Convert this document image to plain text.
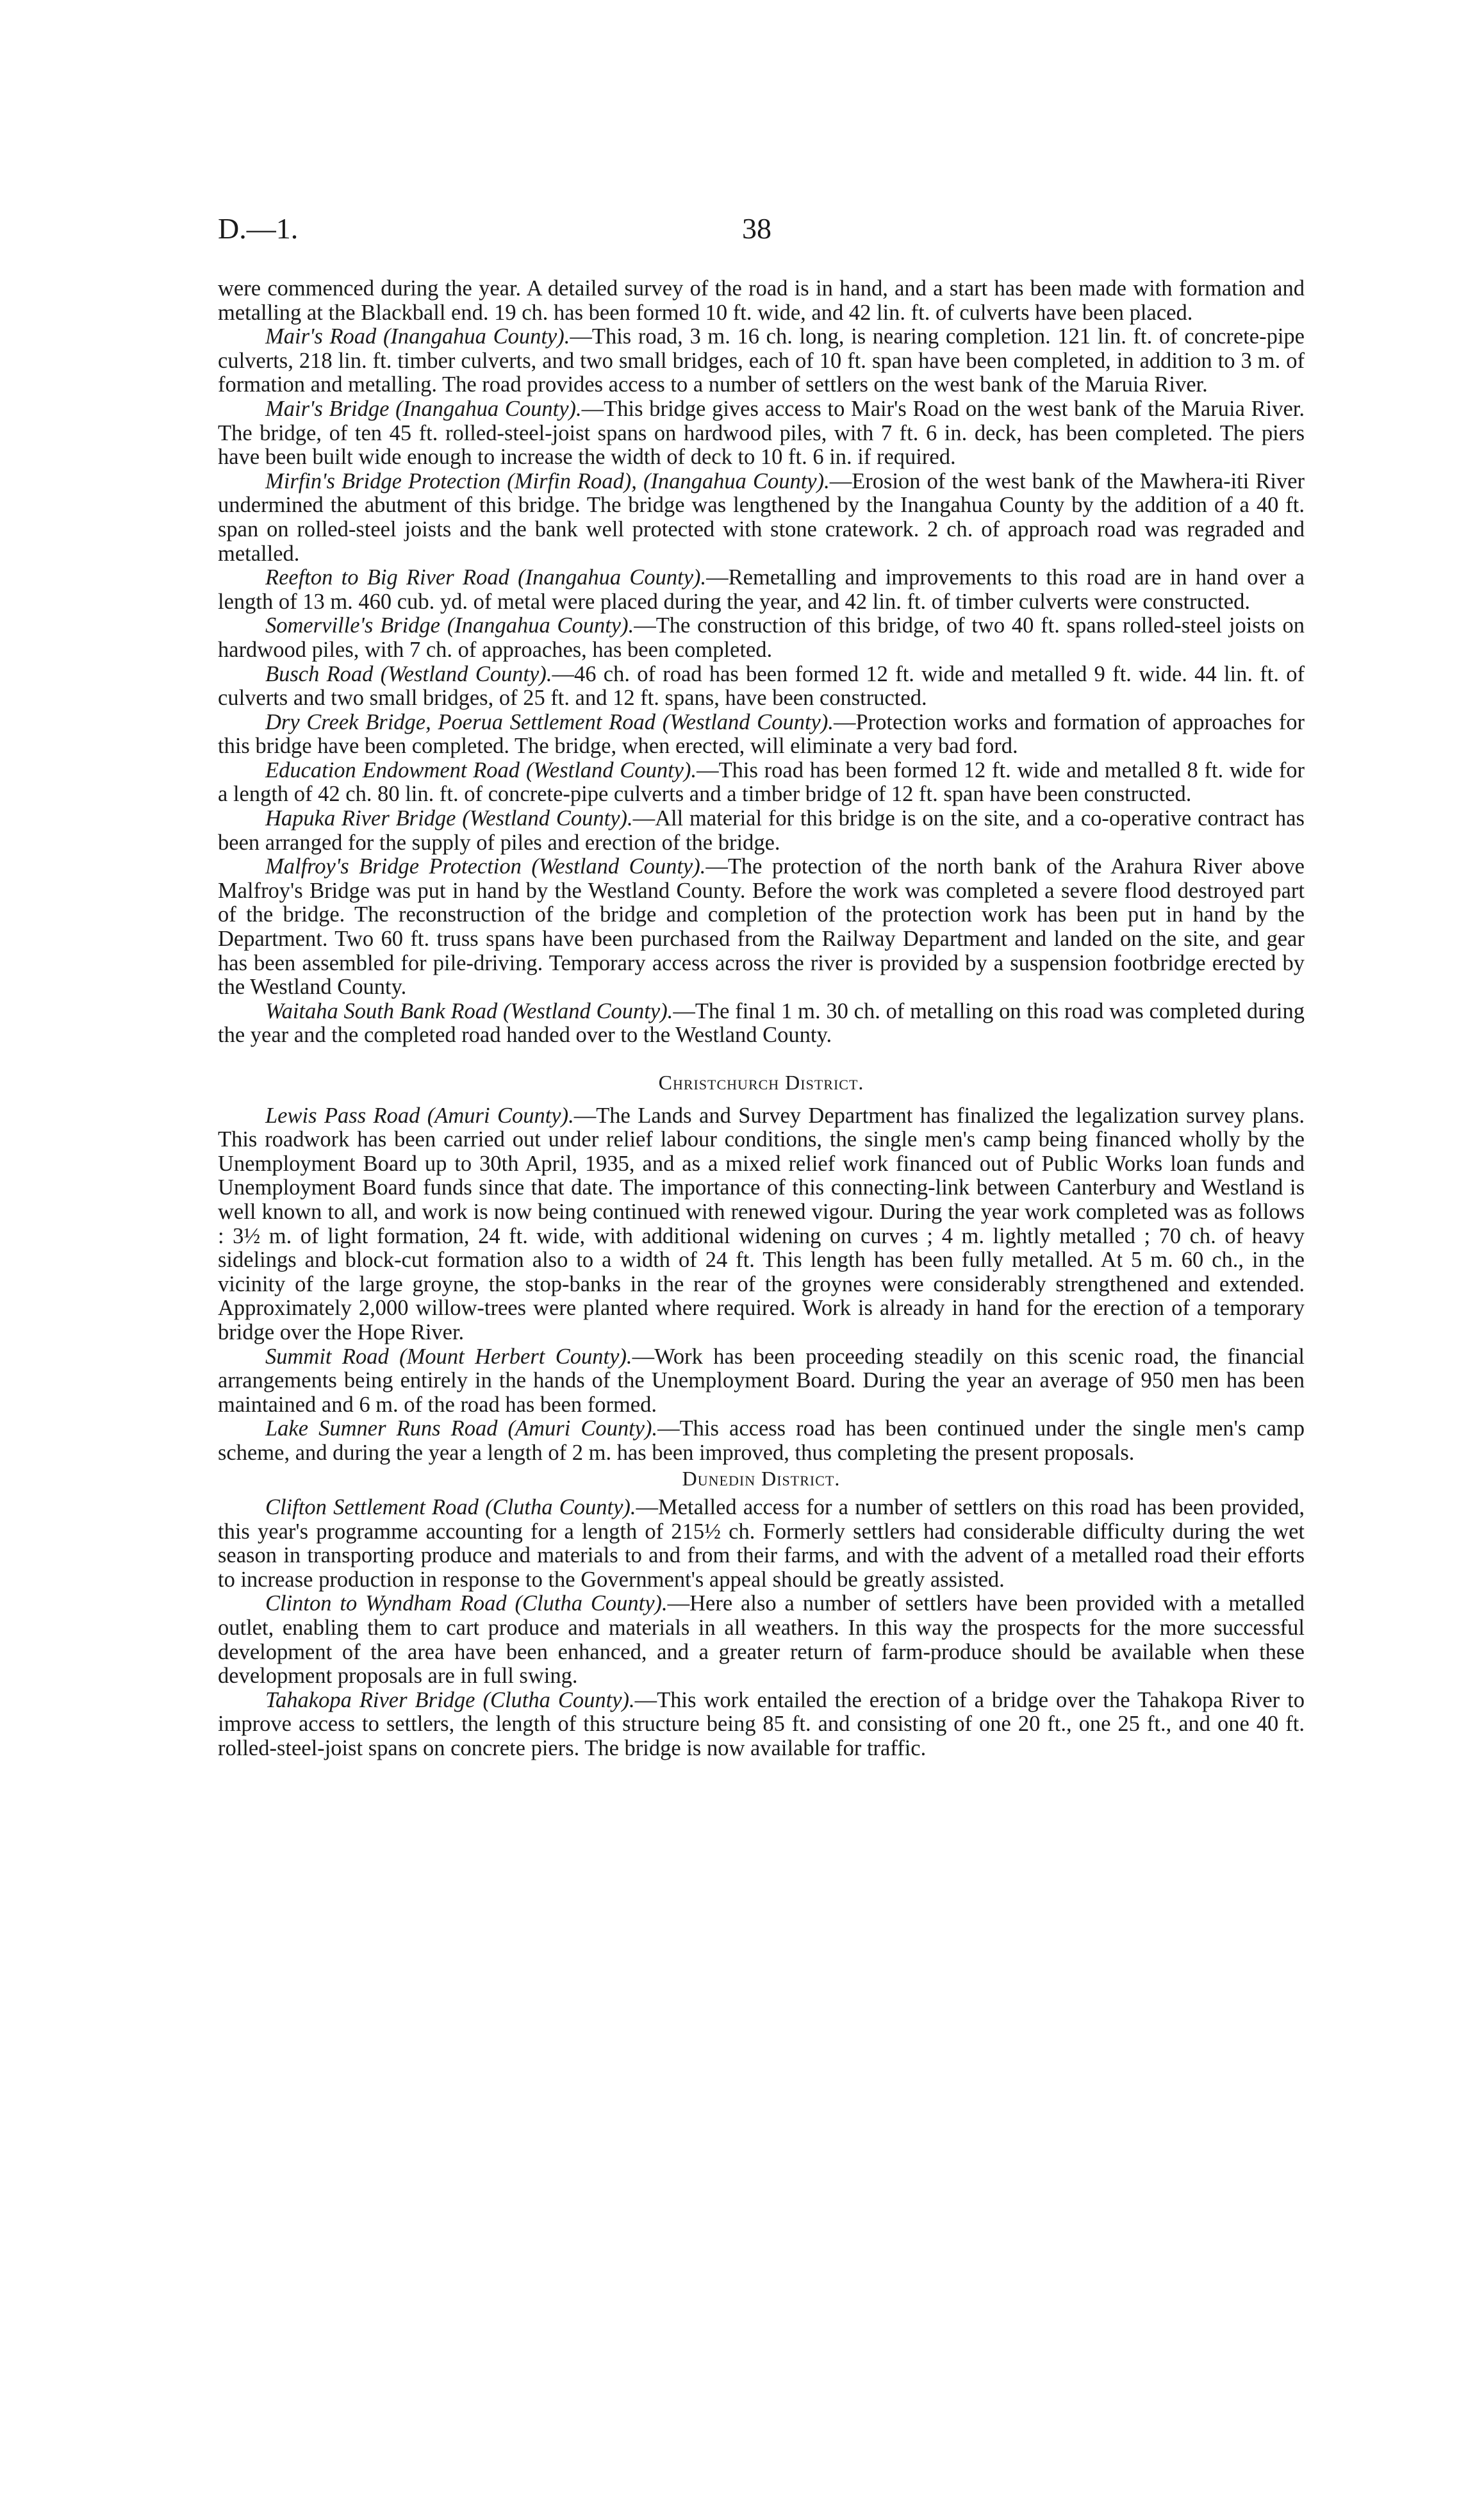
D.—1.	38

were commenced during the year. A detailed survey of the road is in hand, and a start has been made with formation and metalling at the Blackball end. 19 ch. has been formed 10 ft. wide, and 42 lin. ft. of culverts have been placed.

Mair's Road (Inangahua County).—This road, 3 m. 16 ch. long, is nearing completion. 121 lin. ft. of concrete-pipe culverts, 218 lin. ft. timber culverts, and two small bridges, each of 10 ft. span have been completed, in addition to 3 m. of formation and metalling. The road provides access to a number of settlers on the west bank of the Maruia River.

Mair's Bridge (Inangahua County).—This bridge gives access to Mair's Road on the west bank of the Maruia River. The bridge, of ten 45 ft. rolled-steel-joist spans on hardwood piles, with 7 ft. 6 in. deck, has been completed. The piers have been built wide enough to increase the width of deck to 10 ft. 6 in. if required.

Mirfin's Bridge Protection (Mirfin Road), (Inangahua County).—Erosion of the west bank of the Mawhera-iti River undermined the abutment of this bridge. The bridge was lengthened by the Inangahua County by the addition of a 40 ft. span on rolled-steel joists and the bank well protected with stone cratework. 2 ch. of approach road was regraded and metalled.

Reefton to Big River Road (Inangahua County).—Remetalling and improvements to this road are in hand over a length of 13 m. 460 cub. yd. of metal were placed during the year, and 42 lin. ft. of timber culverts were constructed.

Somerville's Bridge (Inangahua County).—The construction of this bridge, of two 40 ft. spans rolled-steel joists on hardwood piles, with 7 ch. of approaches, has been completed.

Busch Road (Westland County).—46 ch. of road has been formed 12 ft. wide and metalled 9 ft. wide. 44 lin. ft. of culverts and two small bridges, of 25 ft. and 12 ft. spans, have been constructed.

Dry Creek Bridge, Poerua Settlement Road (Westland County).—Protection works and formation of approaches for this bridge have been completed. The bridge, when erected, will eliminate a very bad ford.

Education Endowment Road (Westland County).—This road has been formed 12 ft. wide and metalled 8 ft. wide for a length of 42 ch. 80 lin. ft. of concrete-pipe culverts and a timber bridge of 12 ft. span have been constructed.

Hapuka River Bridge (Westland County).—All material for this bridge is on the site, and a co-operative contract has been arranged for the supply of piles and erection of the bridge.

Malfroy's Bridge Protection (Westland County).—The protection of the north bank of the Arahura River above Malfroy's Bridge was put in hand by the Westland County. Before the work was completed a severe flood destroyed part of the bridge. The reconstruction of the bridge and completion of the protection work has been put in hand by the Department. Two 60 ft. truss spans have been purchased from the Railway Department and landed on the site, and gear has been assembled for pile-driving. Temporary access across the river is provided by a suspension footbridge erected by the Westland County.

Waitaha South Bank Road (Westland County).—The final 1 m. 30 ch. of metalling on this road was completed during the year and the completed road handed over to the Westland County.

Christchurch District.

Lewis Pass Road (Amuri County).—The Lands and Survey Department has finalized the legalization survey plans. This roadwork has been carried out under relief labour conditions, the single men's camp being financed wholly by the Unemployment Board up to 30th April, 1935, and as a mixed relief work financed out of Public Works loan funds and Unemployment Board funds since that date. The importance of this connecting-link between Canterbury and Westland is well known to all, and work is now being continued with renewed vigour. During the year work completed was as follows : 3½ m. of light formation, 24 ft. wide, with additional widening on curves ; 4 m. lightly metalled ; 70 ch. of heavy sidelings and block-cut formation also to a width of 24 ft. This length has been fully metalled. At 5 m. 60 ch., in the vicinity of the large groyne, the stop-banks in the rear of the groynes were considerably strengthened and extended. Approximately 2,000 willow-trees were planted where required. Work is already in hand for the erection of a temporary bridge over the Hope River.

Summit Road (Mount Herbert County).—Work has been proceeding steadily on this scenic road, the financial arrangements being entirely in the hands of the Unemployment Board. During the year an average of 950 men has been maintained and 6 m. of the road has been formed.

Lake Sumner Runs Road (Amuri County).—This access road has been continued under the single men's camp scheme, and during the year a length of 2 m. has been improved, thus completing the present proposals.

Dunedin District.

Clifton Settlement Road (Clutha County).—Metalled access for a number of settlers on this road has been provided, this year's programme accounting for a length of 215½ ch. Formerly settlers had considerable difficulty during the wet season in transporting produce and materials to and from their farms, and with the advent of a metalled road their efforts to increase production in response to the Government's appeal should be greatly assisted.

Clinton to Wyndham Road (Clutha County).—Here also a number of settlers have been provided with a metalled outlet, enabling them to cart produce and materials in all weathers. In this way the prospects for the more successful development of the area have been enhanced, and a greater return of farm-produce should be available when these development proposals are in full swing.

Tahakopa River Bridge (Clutha County).—This work entailed the erection of a bridge over the Tahakopa River to improve access to settlers, the length of this structure being 85 ft. and consisting of one 20 ft., one 25 ft., and one 40 ft. rolled-steel-joist spans on concrete piers. The bridge is now available for traffic.
